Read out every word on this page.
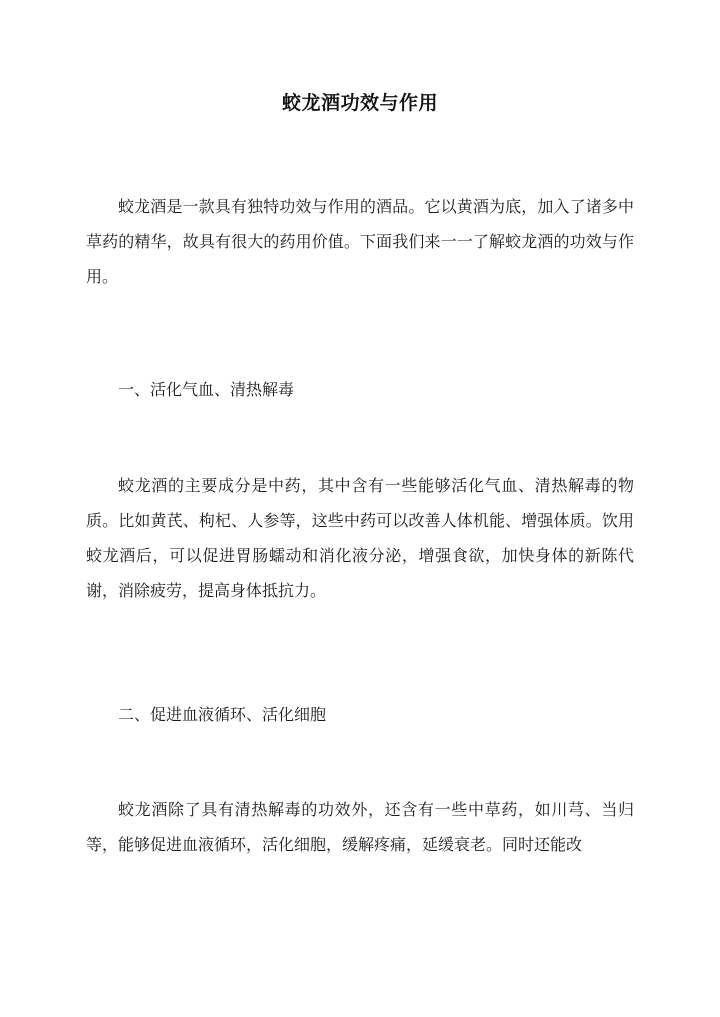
蛟龙酒功效与作用

蛟龙酒是一款具有独特功效与作用的酒品。它以黄酒为底，加入了诸多中草药的精华，故具有很大的药用价值。下面我们来一一了解蛟龙酒的功效与作用。

一、活化气血、清热解毒

蛟龙酒的主要成分是中药，其中含有一些能够活化气血、清热解毒的物质。比如黄芪、枸杞、人参等，这些中药可以改善人体机能、增强体质。饮用蛟龙酒后，可以促进胃肠蠕动和消化液分泌，增强食欲，加快身体的新陈代谢，消除疲劳，提高身体抵抗力。

二、促进血液循环、活化细胞

蛟龙酒除了具有清热解毒的功效外，还含有一些中草药，如川芎、当归等，能够促进血液循环，活化细胞，缓解疼痛，延缓衰老。同时还能改
